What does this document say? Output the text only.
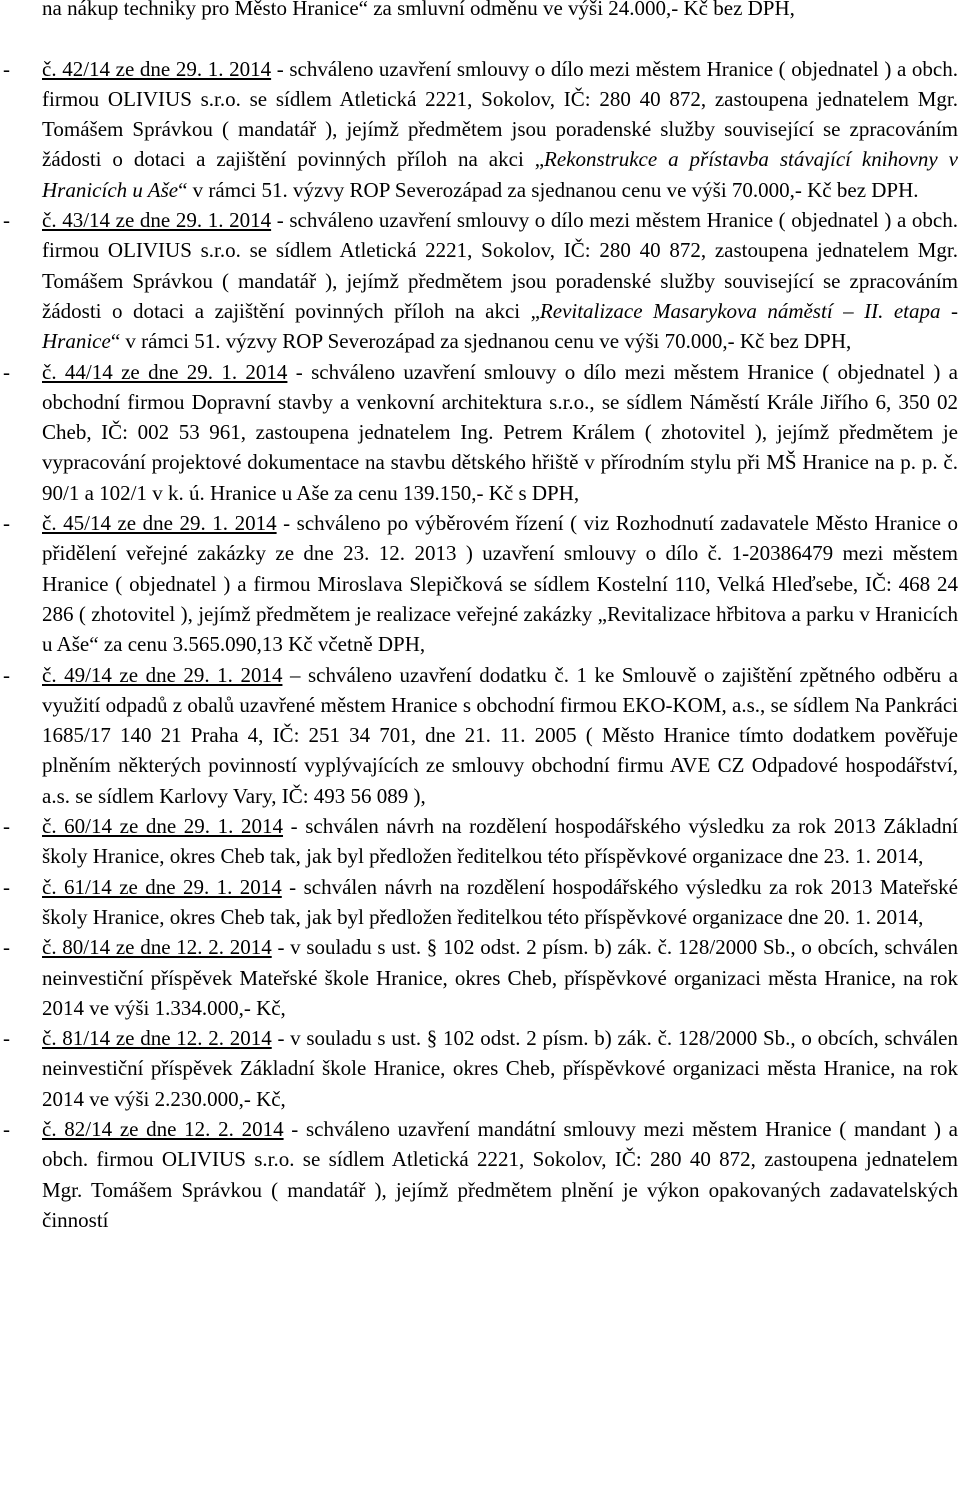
na nákup techniky pro Město Hranice“ za smluvní odměnu ve výši 24.000,- Kč bez DPH,

- č. 42/14 ze dne 29. 1. 2014 - schváleno uzavření smlouvy o dílo mezi městem Hranice ( objednatel ) a obch. firmou OLIVIUS s.r.o. se sídlem Atletická 2221, Sokolov, IČ: 280 40 872, zastoupena jednatelem Mgr. Tomášem Správkou ( mandatář ), jejímž předmětem jsou poradenské služby související se zpracováním žádosti o dotaci a zajištění povinných příloh na akci „Rekonstrukce a přístavba stávající knihovny v Hranicích u Aše“ v rámci 51. výzvy ROP Severozápad za sjednanou cenu ve výši 70.000,- Kč bez DPH.
- č. 43/14 ze dne 29. 1. 2014 - schváleno uzavření smlouvy o dílo mezi městem Hranice ( objednatel ) a obch. firmou OLIVIUS s.r.o. se sídlem Atletická 2221, Sokolov, IČ: 280 40 872, zastoupena jednatelem Mgr. Tomášem Správkou ( mandatář ), jejímž předmětem jsou poradenské služby související se zpracováním žádosti o dotaci a zajištění povinných příloh na akci „Revitalizace Masarykova náměstí – II. etapa - Hranice“ v rámci 51. výzvy ROP Severozápad za sjednanou cenu ve výši 70.000,- Kč bez DPH,
- č. 44/14 ze dne 29. 1. 2014 - schváleno uzavření smlouvy o dílo mezi městem Hranice ( objednatel ) a obchodní firmou Dopravní stavby a venkovní architektura s.r.o., se sídlem Náměstí Krále Jiřího 6, 350 02 Cheb, IČ: 002 53 961, zastoupena jednatelem Ing. Petrem Králem ( zhotovitel ), jejímž předmětem je vypracování projektové dokumentace na stavbu dětského hřiště v přírodním stylu při MŠ Hranice na p. p. č. 90/1 a 102/1 v k. ú. Hranice u Aše za cenu 139.150,- Kč s DPH,
- č. 45/14 ze dne 29. 1. 2014 - schváleno po výběrovém řízení ( viz Rozhodnutí zadavatele Město Hranice o přidělení veřejné zakázky ze dne 23. 12. 2013 ) uzavření smlouvy o dílo č. 1-20386479 mezi městem Hranice ( objednatel ) a firmou Miroslava Slepičková se sídlem Kostelní 110, Velká Hleďsebe, IČ: 468 24 286 ( zhotovitel ), jejímž předmětem je realizace veřejné zakázky „Revitalizace hřbitova a parku v Hranicích u Aše“ za cenu 3.565.090,13 Kč včetně DPH,
- č. 49/14 ze dne 29. 1. 2014 – schváleno uzavření dodatku č. 1 ke Smlouvě o zajištění zpětného odběru a využití odpadů z obalů uzavřené městem Hranice s obchodní firmou EKO-KOM, a.s., se sídlem Na Pankráci 1685/17 140 21 Praha 4, IČ: 251 34 701, dne 21. 11. 2005 ( Město Hranice tímto dodatkem pověřuje plněním některých povinností vyplývajících ze smlouvy obchodní firmu AVE CZ Odpadové hospodářství, a.s. se sídlem Karlovy Vary, IČ: 493 56 089 ),
- č. 60/14 ze dne 29. 1. 2014 - schválen návrh na rozdělení hospodářského výsledku za rok 2013 Základní školy Hranice, okres Cheb tak, jak byl předložen ředitelkou této příspěvkové organizace dne 23. 1. 2014,
- č. 61/14 ze dne 29. 1. 2014 - schválen návrh na rozdělení hospodářského výsledku za rok 2013 Mateřské školy Hranice, okres Cheb tak, jak byl předložen ředitelkou této příspěvkové organizace dne 20. 1. 2014,
- č. 80/14 ze dne 12. 2. 2014 - v souladu s ust. § 102 odst. 2 písm. b) zák. č. 128/2000 Sb., o obcích, schválen neinvestiční příspěvek Mateřské škole Hranice, okres Cheb, příspěvkové organizaci města Hranice, na rok 2014 ve výši 1.334.000,- Kč,
- č. 81/14 ze dne 12. 2. 2014 - v souladu s ust. § 102 odst. 2 písm. b) zák. č. 128/2000 Sb., o obcích, schválen neinvestiční příspěvek Základní škole Hranice, okres Cheb, příspěvkové organizaci města Hranice, na rok 2014 ve výši 2.230.000,- Kč,
- č. 82/14 ze dne 12. 2. 2014 - schváleno uzavření mandátní smlouvy mezi městem Hranice ( mandant ) a obch. firmou OLIVIUS s.r.o. se sídlem Atletická 2221, Sokolov, IČ: 280 40 872, zastoupena jednatelem Mgr. Tomášem Správkou ( mandatář ), jejímž předmětem plnění je výkon opakovaných zadavatelských činností
